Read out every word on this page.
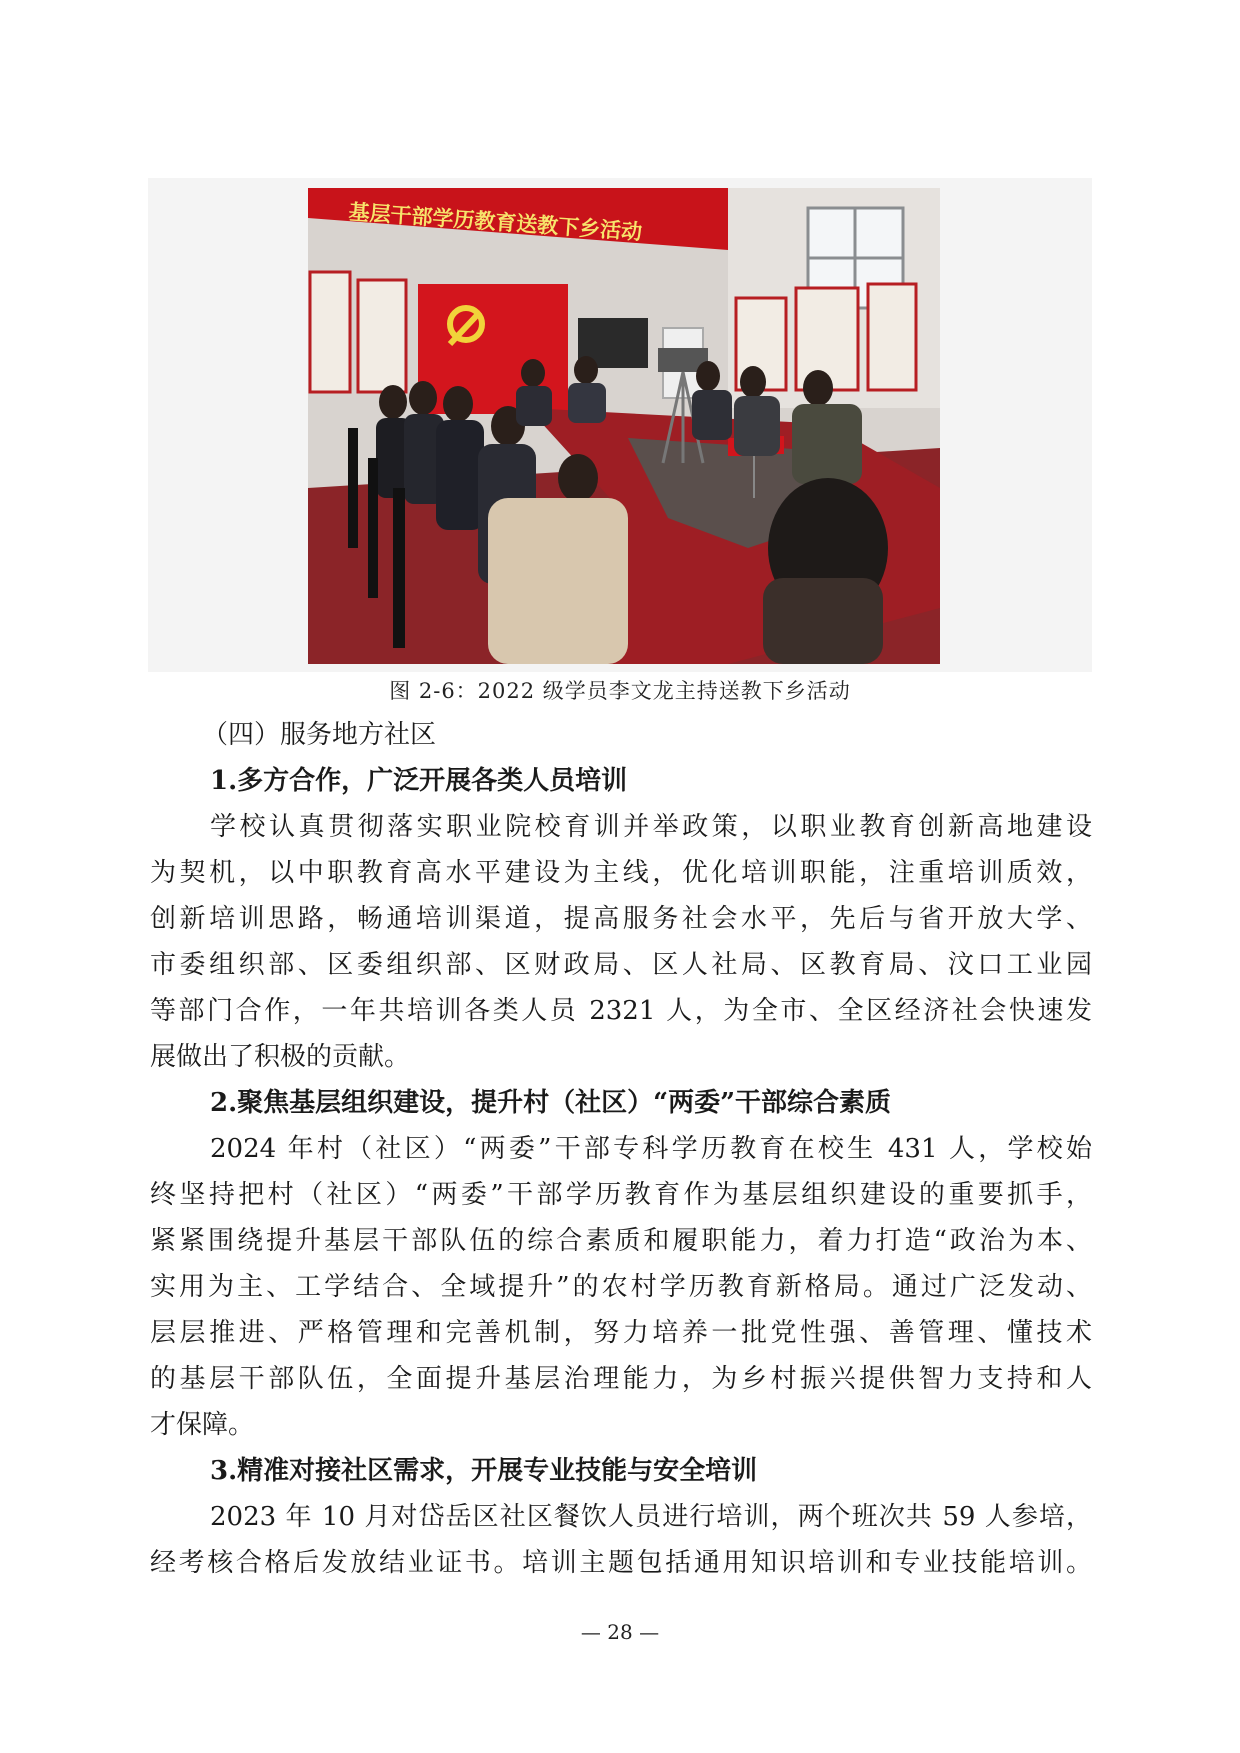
基层干部学历教育送教下乡活动
图 2-6：2022 级学员李文龙主持送教下乡活动
（四）服务地方社区
1.多方合作，广泛开展各类人员培训
学校认真贯彻落实职业院校育训并举政策，以职业教育创新高地建设
为契机，以中职教育高水平建设为主线，优化培训职能，注重培训质效，
创新培训思路，畅通培训渠道，提高服务社会水平，先后与省开放大学、
市委组织部、区委组织部、区财政局、区人社局、区教育局、汶口工业园
等部门合作，一年共培训各类人员 2321 人，为全市、全区经济社会快速发
展做出了积极的贡献。
2.聚焦基层组织建设，提升村（社区）“两委”干部综合素质
2024 年村（社区）“两委”干部专科学历教育在校生 431 人，学校始
终坚持把村（社区）“两委”干部学历教育作为基层组织建设的重要抓手，
紧紧围绕提升基层干部队伍的综合素质和履职能力，着力打造“政治为本、
实用为主、工学结合、全域提升”的农村学历教育新格局。通过广泛发动、
层层推进、严格管理和完善机制，努力培养一批党性强、善管理、懂技术
的基层干部队伍，全面提升基层治理能力，为乡村振兴提供智力支持和人
才保障。
3.精准对接社区需求，开展专业技能与安全培训
2023 年 10 月对岱岳区社区餐饮人员进行培训，两个班次共 59 人参培，
经考核合格后发放结业证书。培训主题包括通用知识培训和专业技能培训。
— 28 —
